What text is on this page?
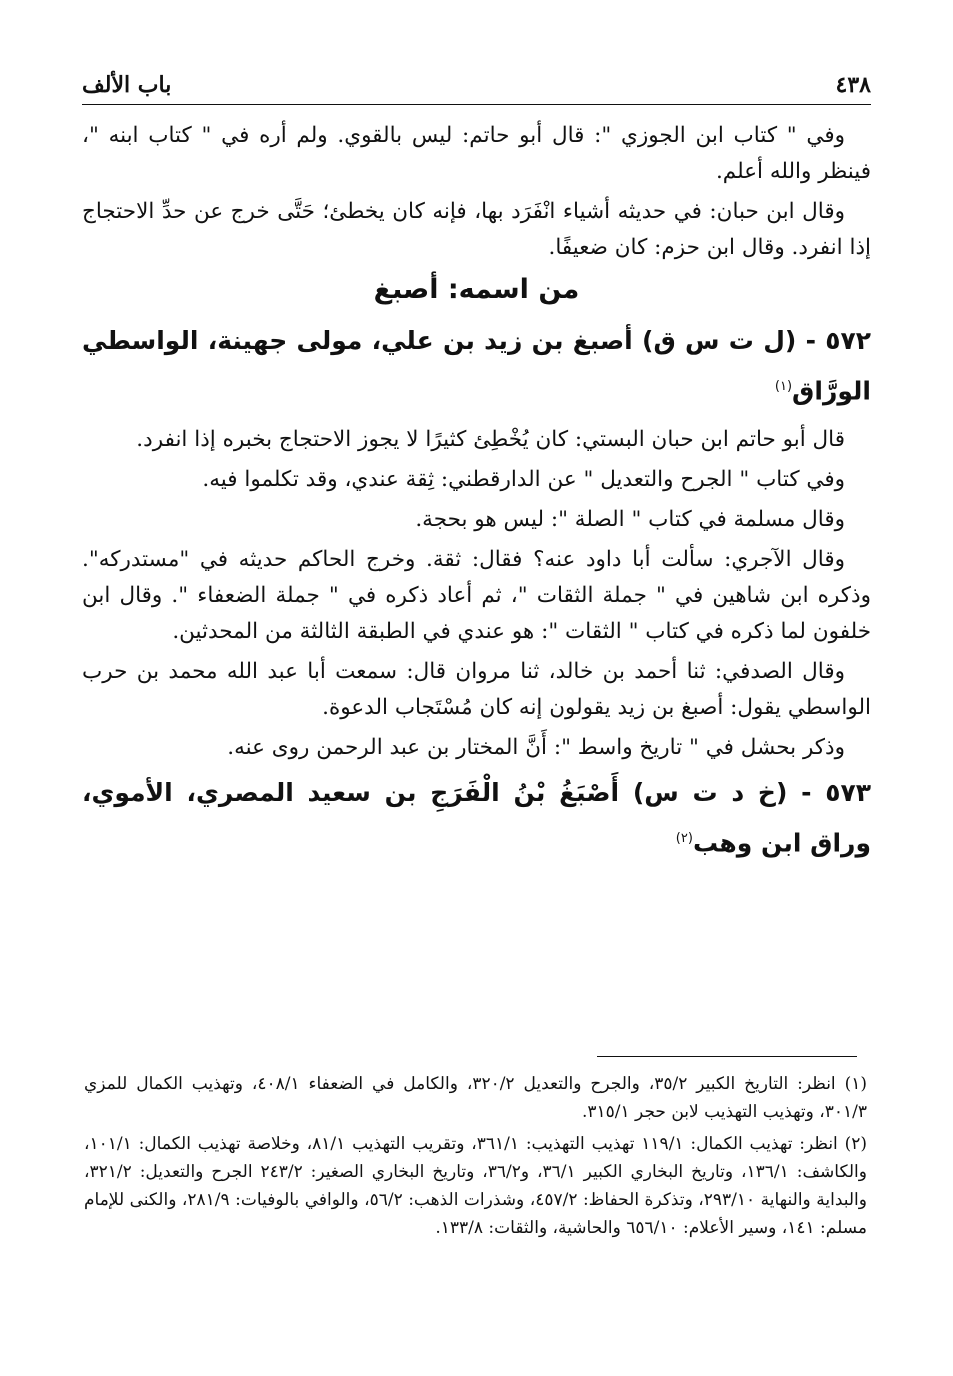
٤٣٨
باب الألف

وفي " كتاب ابن الجوزي ": قال أبو حاتم: ليس بالقوي. ولم أره في " كتاب ابنه "، فينظر والله أعلم.

وقال ابن حبان: في حديثه أشياء انْفَرَد بها، فإنه كان يخطئ؛ حَتَّى خرج عن حدِّ الاحتجاج إذا انفرد. وقال ابن حزم: كان ضعيفًا.

من اسمه: أصبغ
٥٧٢ - (ل ت س ق) أصبغ بن زيد بن علي، مولى جهينة، الواسطي الورَّاق$^{(١)}$

قال أبو حاتم ابن حبان البستي: كان يُخْطِئ كثيرًا لا يجوز الاحتجاج بخبره إذا انفرد.

وفي كتاب " الجرح والتعديل " عن الدارقطني: ثِقة عندي، وقد تكلموا فيه.

وقال مسلمة في كتاب " الصلة ": ليس هو بحجة.

وقال الآجري: سألت أبا داود عنه؟ فقال: ثقة. وخرج الحاكم حديثه في "مستدركه". وذكره ابن شاهين في " جملة الثقات "، ثم أعاد ذكره في " جملة الضعفاء ". وقال ابن خلفون لما ذكره في كتاب " الثقات ": هو عندي في الطبقة الثالثة من المحدثين.

وقال الصدفي: ثنا أحمد بن خالد، ثنا مروان قال: سمعت أبا عبد الله محمد بن حرب الواسطي يقول: أصبغ بن زيد يقولون إنه كان مُسْتَجاب الدعوة.

وذكر بحشل في " تاريخ واسط ": أَنَّ المختار بن عبد الرحمن روى عنه.

٥٧٣ - (خ د ت س) أَصْبَغُ بْنُ الْفَرَجِ بن سعيد المصري، الأموي، وراق ابن وهب$^{(٢)}$

(١) انظر: التاريخ الكبير ٣٥/٢، والجرح والتعديل ٣٢٠/٢، والكامل في الضعفاء ٤٠٨/١، وتهذيب الكمال للمزي ٣٠١/٣، وتهذيب التهذيب لابن حجر ٣١٥/١.

(٢) انظر: تهذيب الكمال: ١١٩/١ تهذيب التهذيب: ٣٦١/١، وتقريب التهذيب ٨١/١، وخلاصة تهذيب الكمال: ١٠١/١، والكاشف: ١٣٦/١، وتاريخ البخاري الكبير ٣٦/١، و٣٦/٢، وتاريخ البخاري الصغير: ٢٤٣/٢ الجرح والتعديل: ٣٢١/٢، والبداية والنهاية ٢٩٣/١٠، وتذكرة الحفاظ: ٤٥٧/٢، وشذرات الذهب: ٥٦/٢، والوافي بالوفيات: ٢٨١/٩، والكنى للإمام مسلم: ١٤١، وسير الأعلام: ٦٥٦/١٠ والحاشية، والثقات: ١٣٣/٨.
